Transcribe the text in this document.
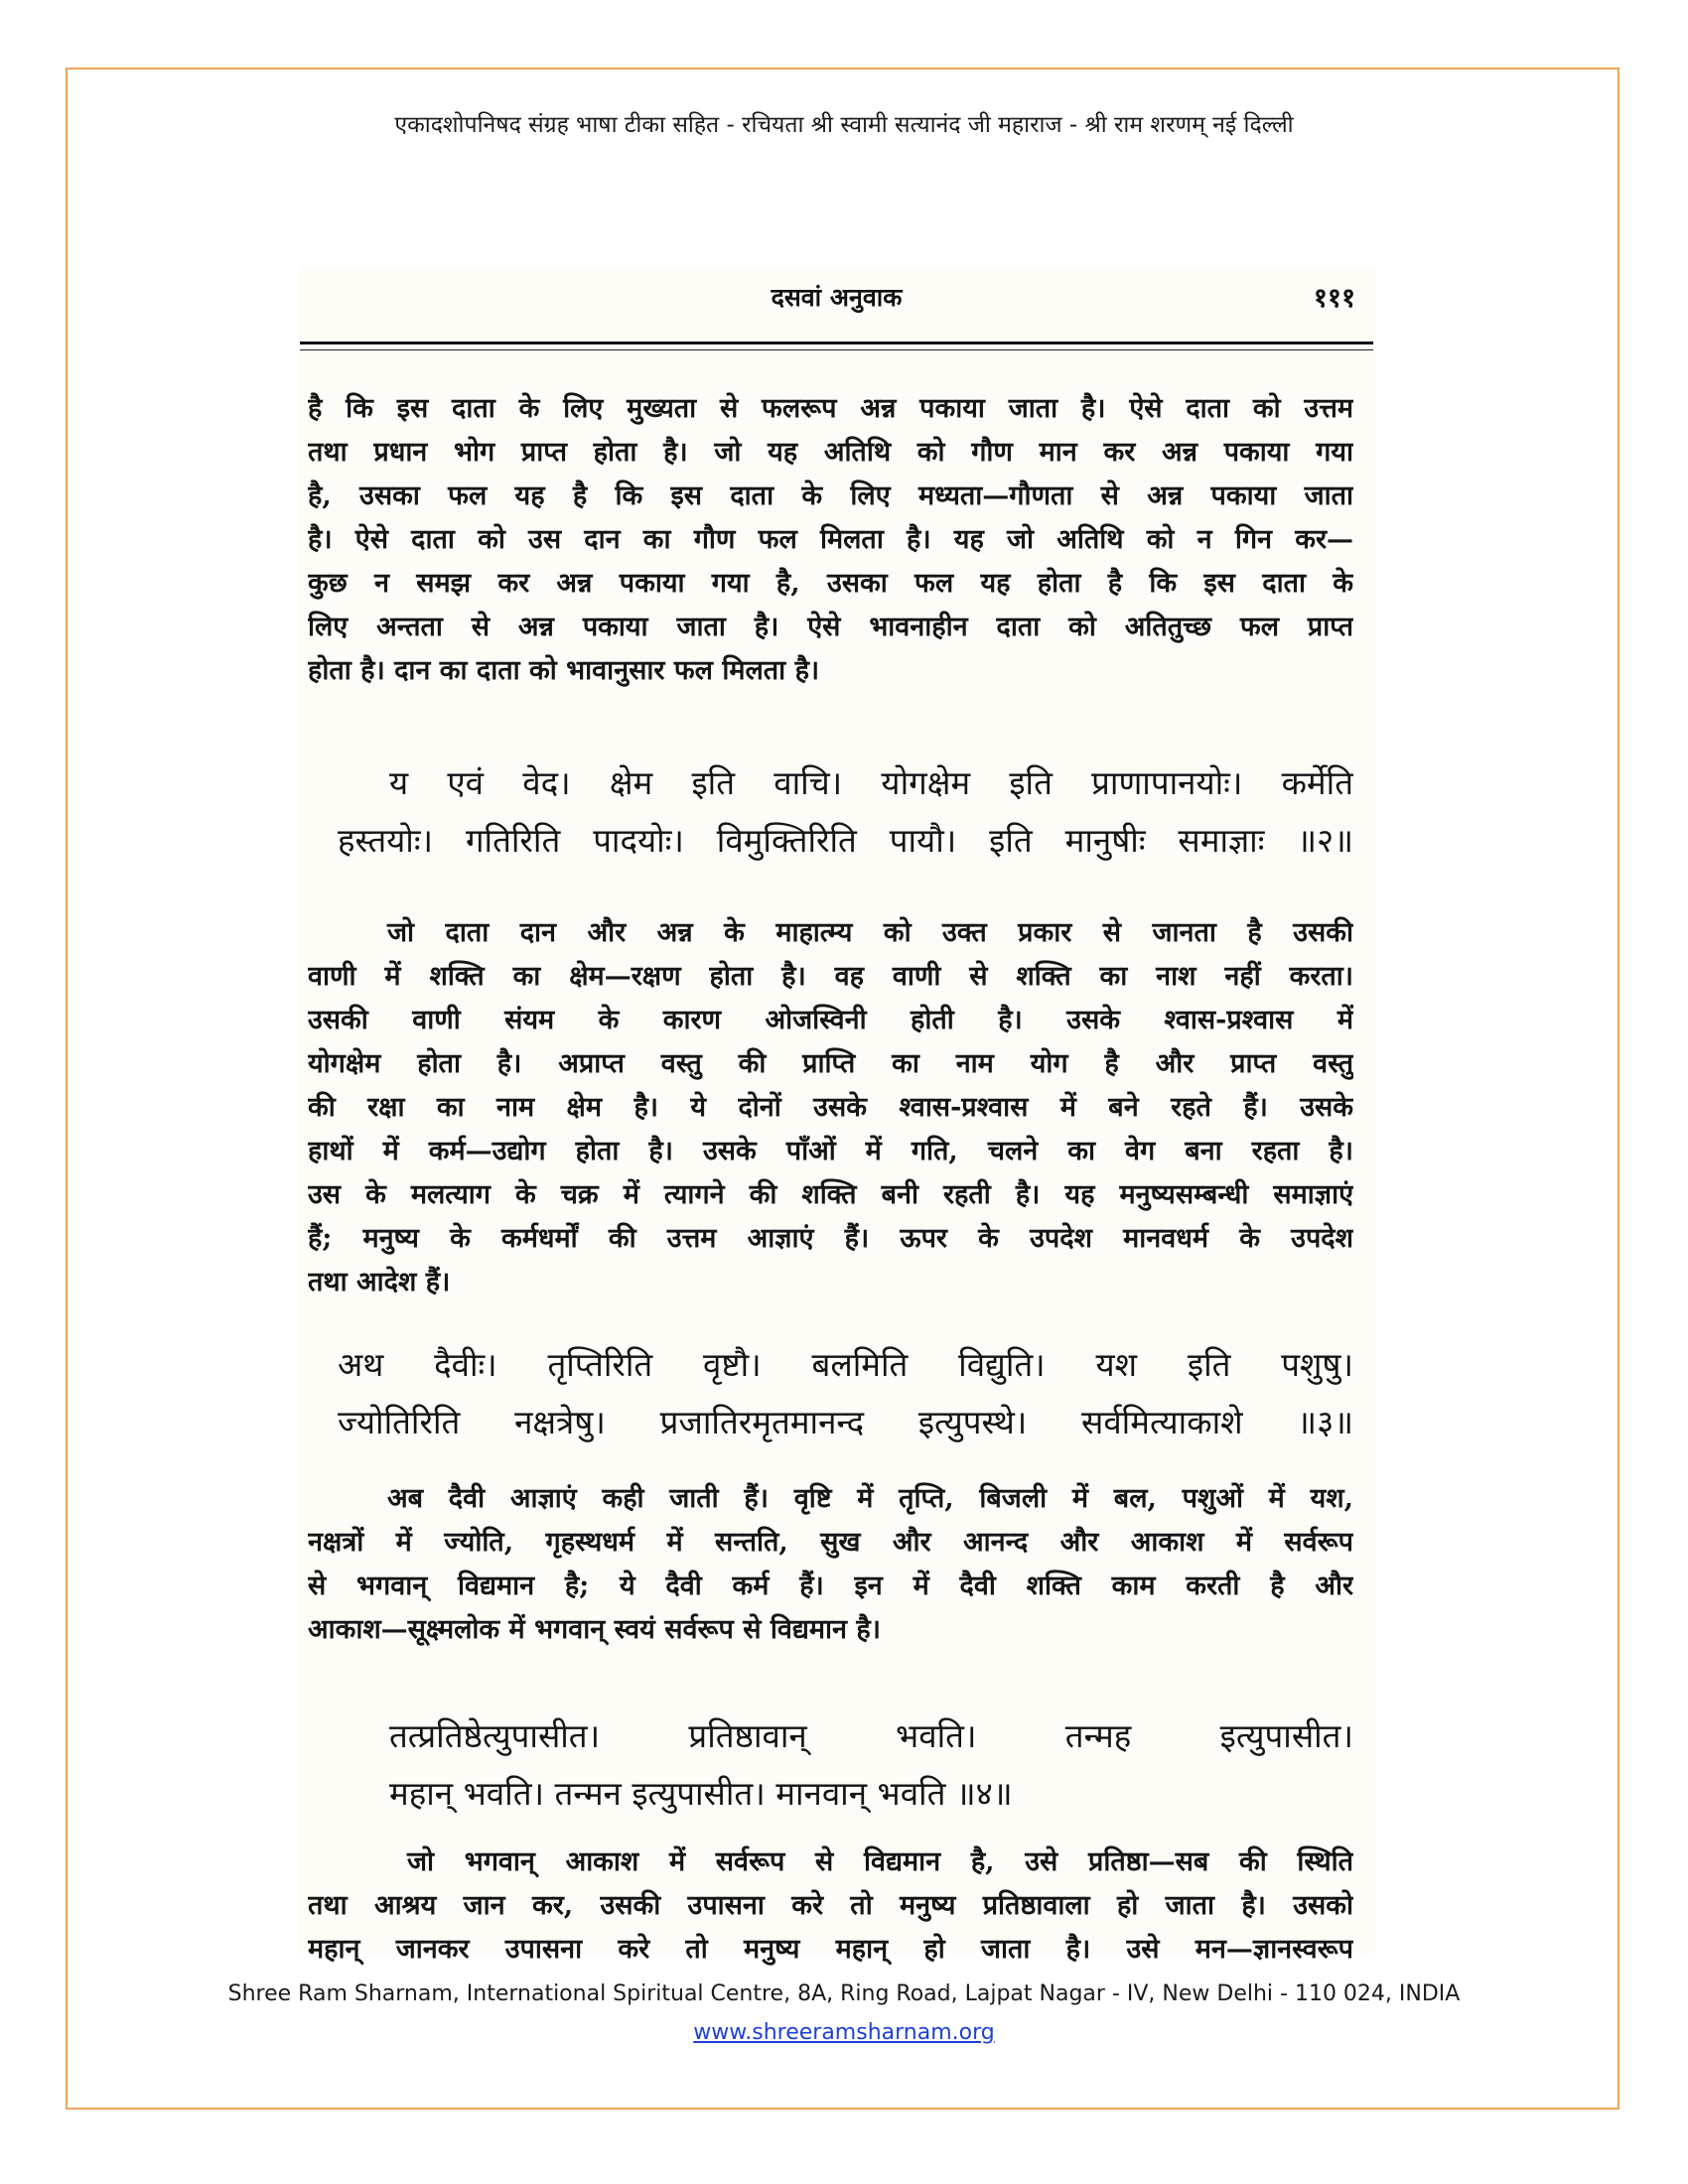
एकादशोपनिषद संग्रह भाषा टीका सहित - रचियता श्री स्वामी सत्यानंद जी महाराज - श्री राम शरणम् नई दिल्ली
दसवां अनुवाक	१११
है कि इस दाता के लिए मुख्यता से फलरूप अन्न पकाया जाता है। ऐसे दाता को उत्तम
तथा प्रधान भोग प्राप्त होता है। जो यह अतिथि को गौण मान कर अन्न पकाया गया
है, उसका फल यह है कि इस दाता के लिए मध्यता—गौणता से अन्न पकाया जाता
है। ऐसे दाता को उस दान का गौण फल मिलता है। यह जो अतिथि को न गिन कर—
कुछ न समझ कर अन्न पकाया गया है, उसका फल यह होता है कि इस दाता के
लिए अन्तता से अन्न पकाया जाता है। ऐसे भावनाहीन दाता को अतितुच्छ फल प्राप्त
होता है। दान का दाता को भावानुसार फल मिलता है।
य एवं वेद। क्षेम इति वाचि। योगक्षेम इति प्राणापानयोः। कर्मेति
हस्तयोः। गतिरिति पादयोः। विमुक्तिरिति पायौ। इति मानुषीः समाज्ञाः ॥२॥
जो दाता दान और अन्न के माहात्म्य को उक्त प्रकार से जानता है उसकी
वाणी में शक्ति का क्षेम—रक्षण होता है। वह वाणी से शक्ति का नाश नहीं करता।
उसकी वाणी संयम के कारण ओजस्विनी होती है। उसके श्वास-प्रश्वास में
योगक्षेम होता है। अप्राप्त वस्तु की प्राप्ति का नाम योग है और प्राप्त वस्तु
की रक्षा का नाम क्षेम है। ये दोनों उसके श्वास-प्रश्वास में बने रहते हैं। उसके
हाथों में कर्म—उद्योग होता है। उसके पाँओं में गति, चलने का वेग बना रहता है।
उस के मलत्याग के चक्र में त्यागने की शक्ति बनी रहती है। यह मनुष्यसम्बन्धी समाज्ञाएं
हैं; मनुष्य के कर्मधर्मों की उत्तम आज्ञाएं हैं। ऊपर के उपदेश मानवधर्म के उपदेश
तथा आदेश हैं।
अथ दैवीः। तृप्तिरिति वृष्टौ। बलमिति विद्युति। यश इति पशुषु।
ज्योतिरिति नक्षत्रेषु। प्रजातिरमृतमानन्द इत्युपस्थे। सर्वमित्याकाशे ॥३॥
अब दैवी आज्ञाएं कही जाती हैं। वृष्टि में तृप्ति, बिजली में बल, पशुओं में यश,
नक्षत्रों में ज्योति, गृहस्थधर्म में सन्तति, सुख और आनन्द और आकाश में सर्वरूप
से भगवान् विद्यमान है; ये दैवी कर्म हैं। इन में दैवी शक्ति काम करती है और
आकाश—सूक्ष्मलोक में भगवान् स्वयं सर्वरूप से विद्यमान है।
तत्प्रतिष्ठेत्युपासीत। प्रतिष्ठावान् भवति। तन्मह इत्युपासीत।
महान् भवति। तन्मन इत्युपासीत। मानवान् भवति ॥४॥
जो भगवान् आकाश में सर्वरूप से विद्यमान है, उसे प्रतिष्ठा—सब की स्थिति
तथा आश्रय जान कर, उसकी उपासना करे तो मनुष्य प्रतिष्ठावाला हो जाता है। उसको
महान् जानकर उपासना करे तो मनुष्य महान् हो जाता है। उसे मन—ज्ञानस्वरूप
Shree Ram Sharnam, International Spiritual Centre, 8A, Ring Road, Lajpat Nagar - IV, New Delhi - 110 024, INDIA
www.shreeramsharnam.org
